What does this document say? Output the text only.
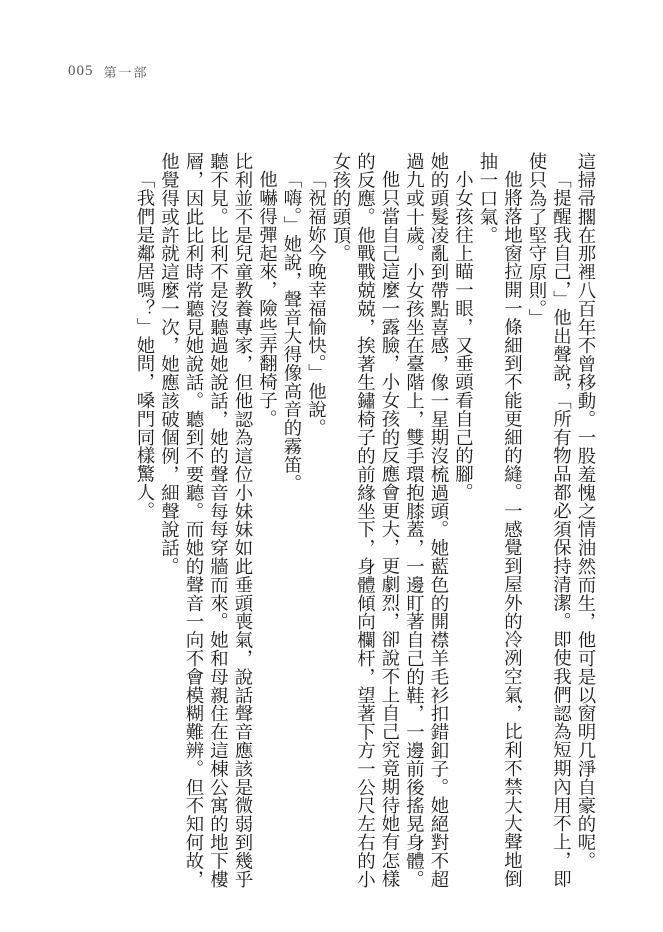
005 第一部

這掃帚擱在那裡八百年不曾移動。一股羞愧之情油然而生，他可是以窗明几淨自豪的呢。

「提醒我自己，」他出聲說，「所有物品都必須保持清潔。即使我們認為短期內用不上，即使只為了堅守原則。」

他將落地窗拉開一條細到不能更細的縫。一感覺到屋外的冷冽空氣，比利不禁大大聲地倒抽一口氣。

小女孩往上瞄一眼，又垂頭看自己的腳。

她的頭髮凌亂到帶點喜感，像一星期沒梳過頭。她藍色的開襟羊毛衫扣錯釦子。她絕對不超過九或十歲。小女孩坐在臺階上，雙手環抱膝蓋，一邊盯著自己的鞋，一邊前後搖晃身體。

他只當自己這麼一露臉，小女孩的反應會更大，更劇烈，卻說不上自己究竟期待她有怎樣的反應。他戰戰兢兢，挨著生鏽椅子的前緣坐下，身體傾向欄杆，望著下方一公尺左右的小女孩的頭頂。

「祝福妳今晚幸福愉快。」他說。

「嗨。」她說，聲音大得像高音的霧笛。

他嚇得彈起來，險些弄翻椅子。

比利並不是兒童教養專家，但他認為這位小妹妹如此垂頭喪氣，說話聲音應該是微弱到幾乎聽不見。比利不是沒聽過她說話，她的聲音每每穿牆而來。她和母親住在這棟公寓的地下樓層，因此比利時常聽見她說話。聽到不要聽。而她的聲音一向不會模糊難辨。但不知何故，他覺得或許就這麼一次，她應該破個例，細聲說話。

「我們是鄰居嗎？」她問，嗓門同樣驚人。
